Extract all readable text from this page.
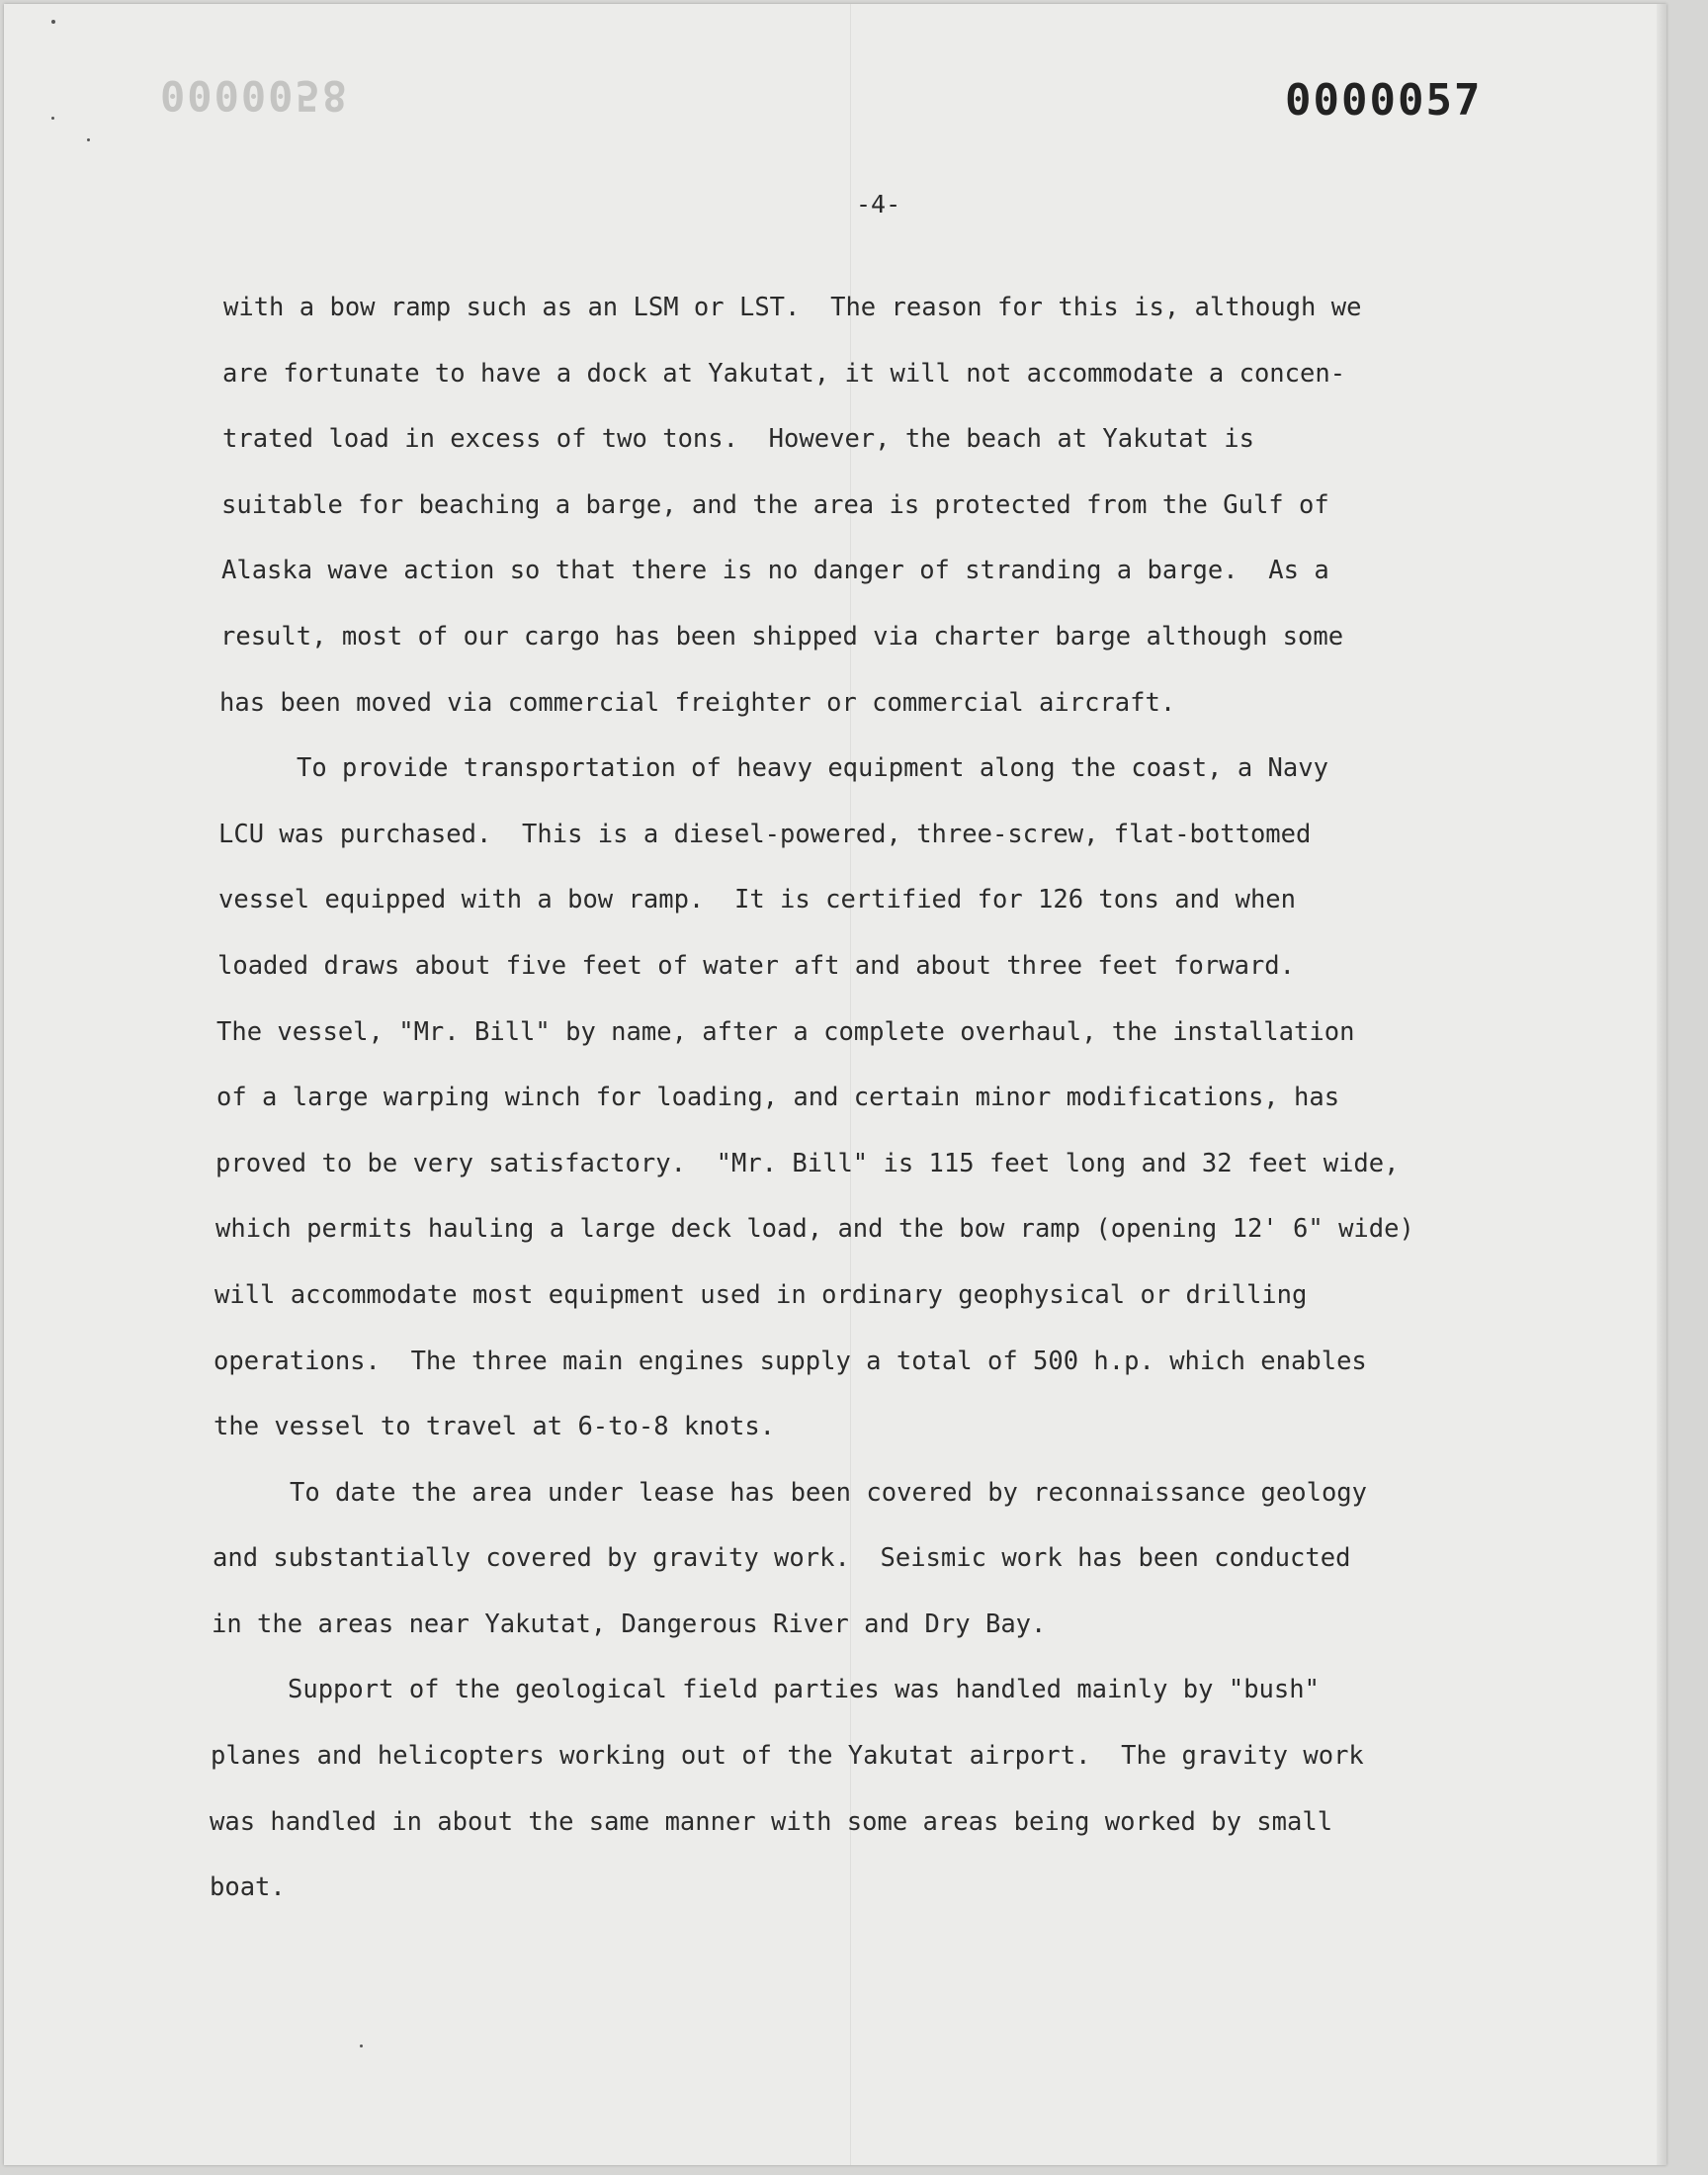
0000058	0000057
-4-
with a bow ramp such as an LSM or LST.  The reason for this is, although we
are fortunate to have a dock at Yakutat, it will not accommodate a concen-
trated load in excess of two tons.  However, the beach at Yakutat is
suitable for beaching a barge, and the area is protected from the Gulf of
Alaska wave action so that there is no danger of stranding a barge.  As a
result, most of our cargo has been shipped via charter barge although some
has been moved via commercial freighter or commercial aircraft.
To provide transportation of heavy equipment along the coast, a Navy
LCU was purchased.  This is a diesel-powered, three-screw, flat-bottomed
vessel equipped with a bow ramp.  It is certified for 126 tons and when
loaded draws about five feet of water aft and about three feet forward.
The vessel, "Mr. Bill" by name, after a complete overhaul, the installation
of a large warping winch for loading, and certain minor modifications, has
proved to be very satisfactory.  "Mr. Bill" is 115 feet long and 32 feet wide,
which permits hauling a large deck load, and the bow ramp (opening 12' 6" wide)
will accommodate most equipment used in ordinary geophysical or drilling
operations.  The three main engines supply a total of 500 h.p. which enables
the vessel to travel at 6-to-8 knots.
To date the area under lease has been covered by reconnaissance geology
and substantially covered by gravity work.  Seismic work has been conducted
in the areas near Yakutat, Dangerous River and Dry Bay.
Support of the geological field parties was handled mainly by "bush"
planes and helicopters working out of the Yakutat airport.  The gravity work
was handled in about the same manner with some areas being worked by small
boat.
